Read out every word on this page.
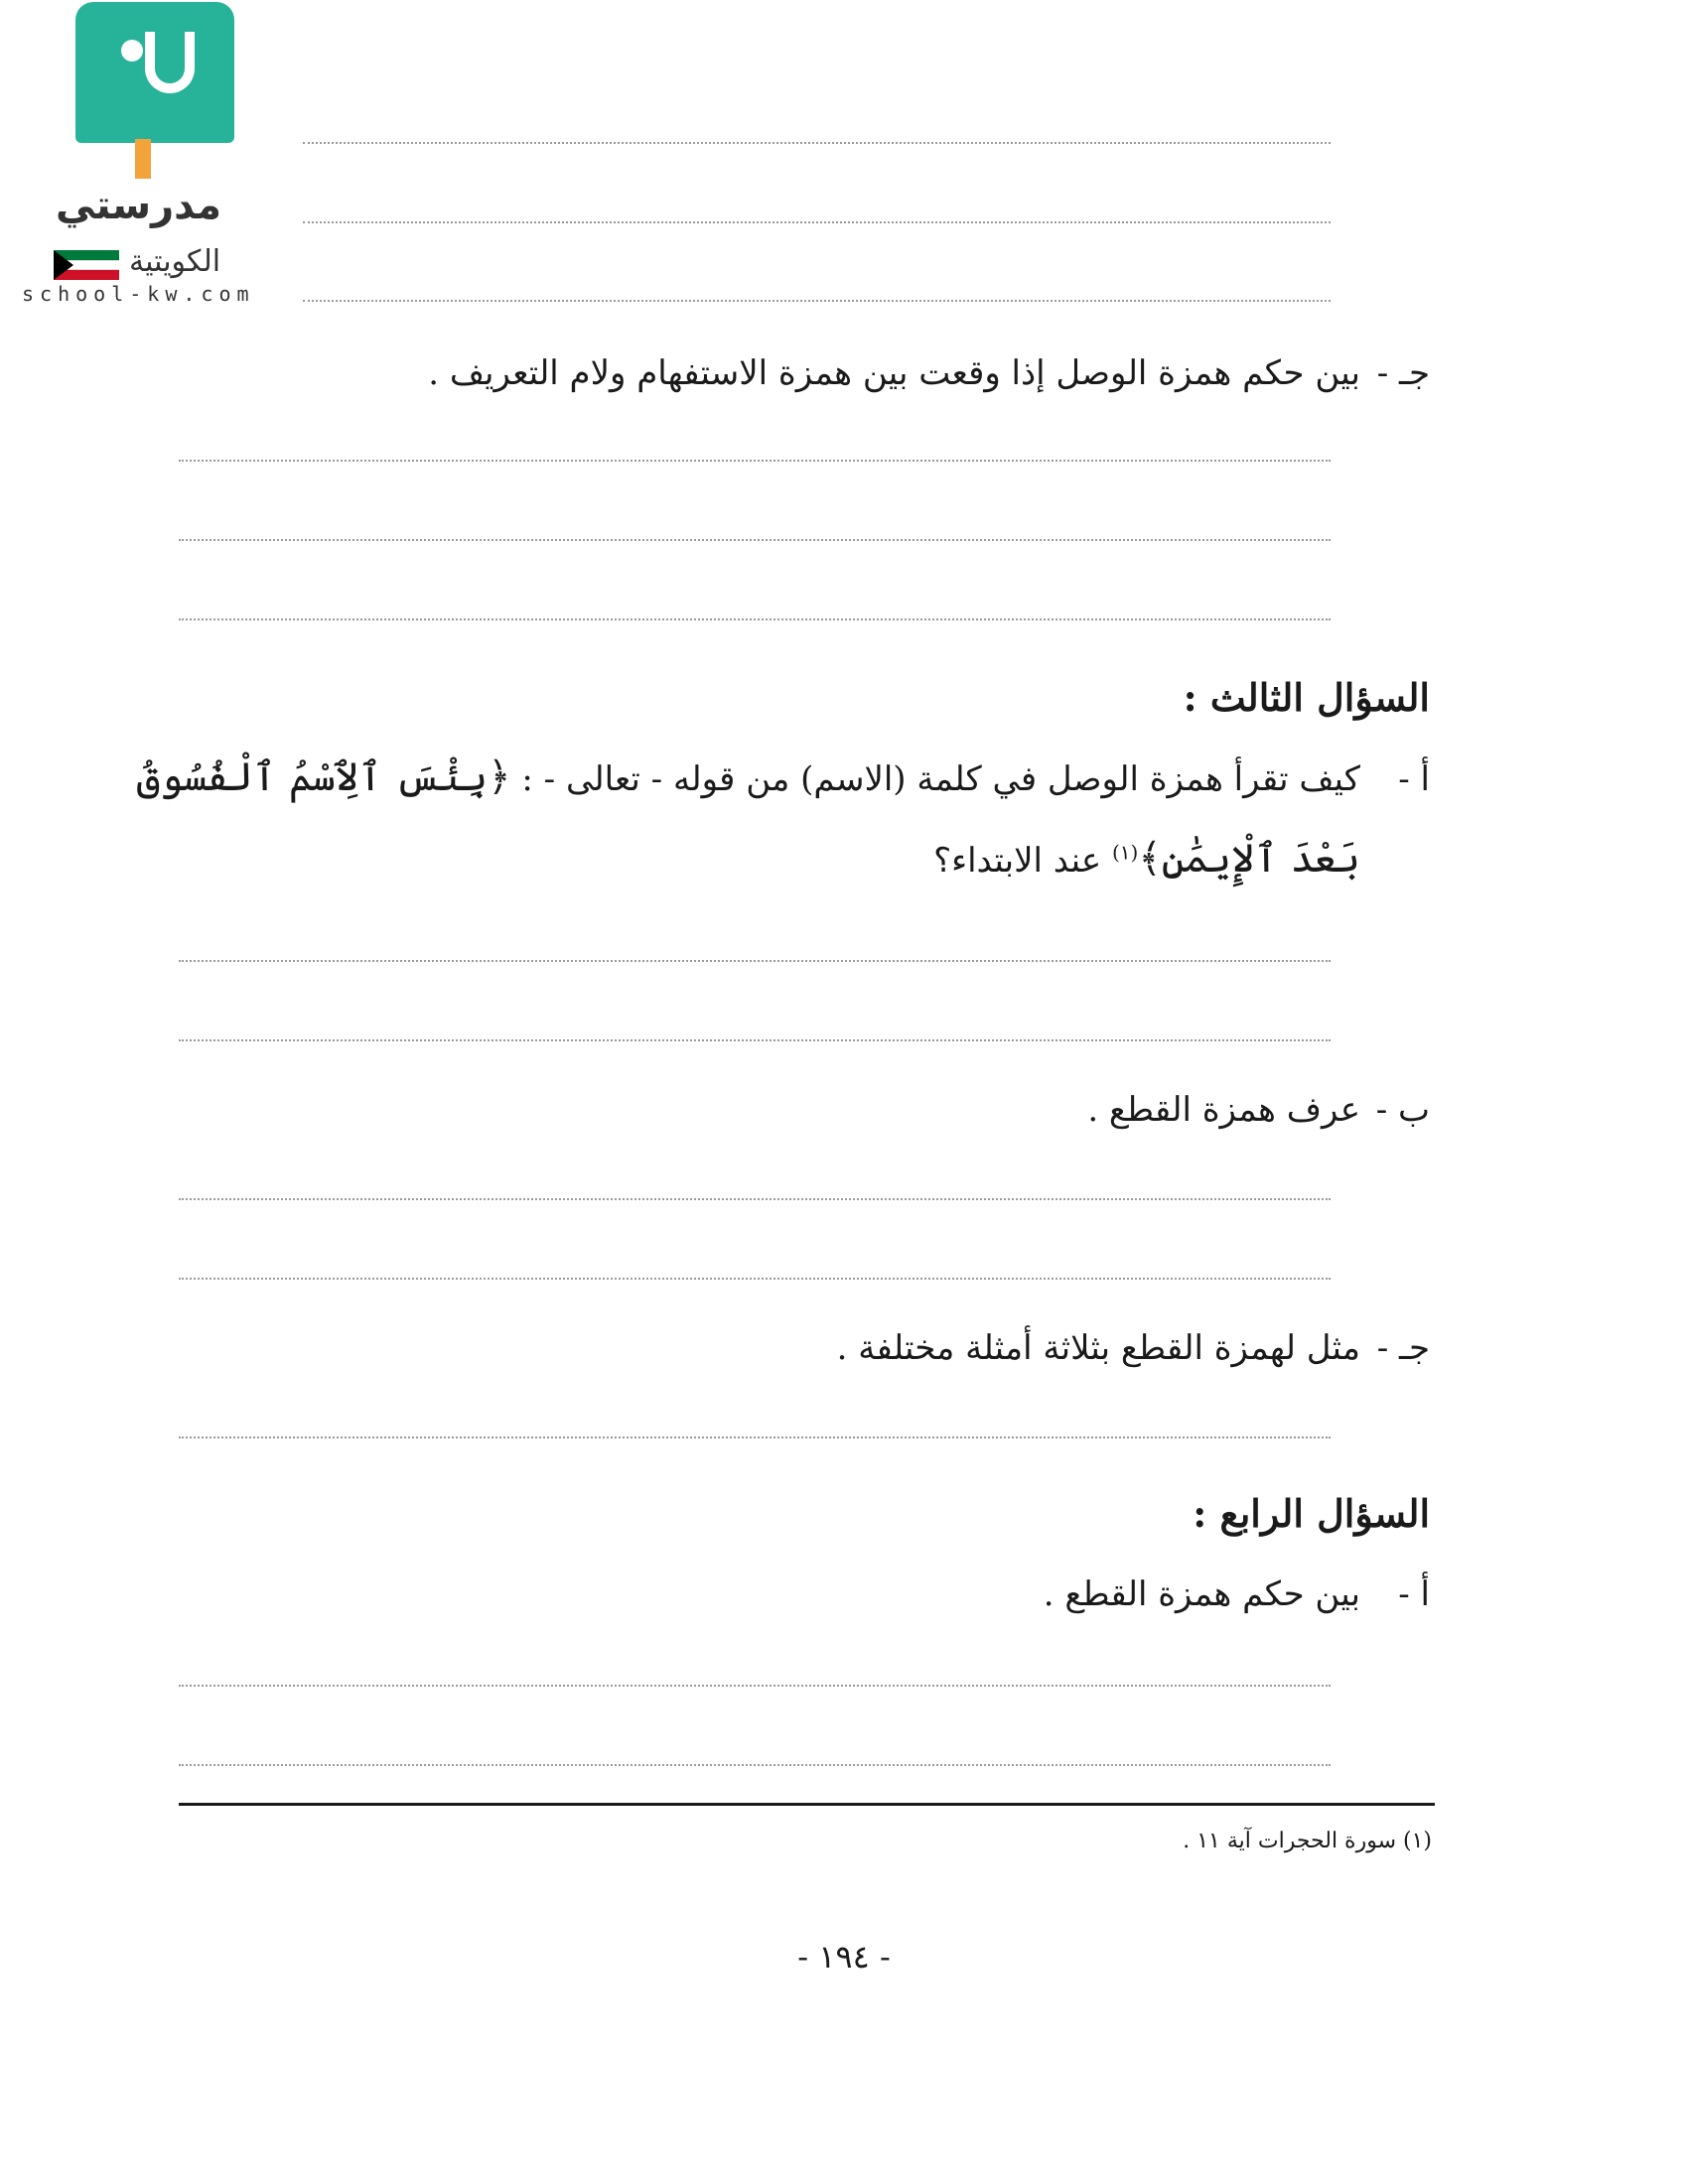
مدرستي
الكويتية
school-kw.com
جـ -بين حكم همزة الوصل إذا وقعت بين همزة الاستفهام ولام التعريف .
السؤال الثالث :
أ -كيف تقرأ همزة الوصل في كلمة (الاسم) من قوله - تعالى - : ﴿بِئْسَ ٱلِٱسْمُ ٱلْفُسُوقُ
بَعْدَ ٱلْإِيمَٰنِ﴾$^{(١)}$ عند الابتداء؟
ب -عرف همزة القطع .
جـ -مثل لهمزة القطع بثلاثة أمثلة مختلفة .
السؤال الرابع :
أ -بين حكم همزة القطع .
(١) سورة الحجرات آية ١١ .
- ١٩٤ -
